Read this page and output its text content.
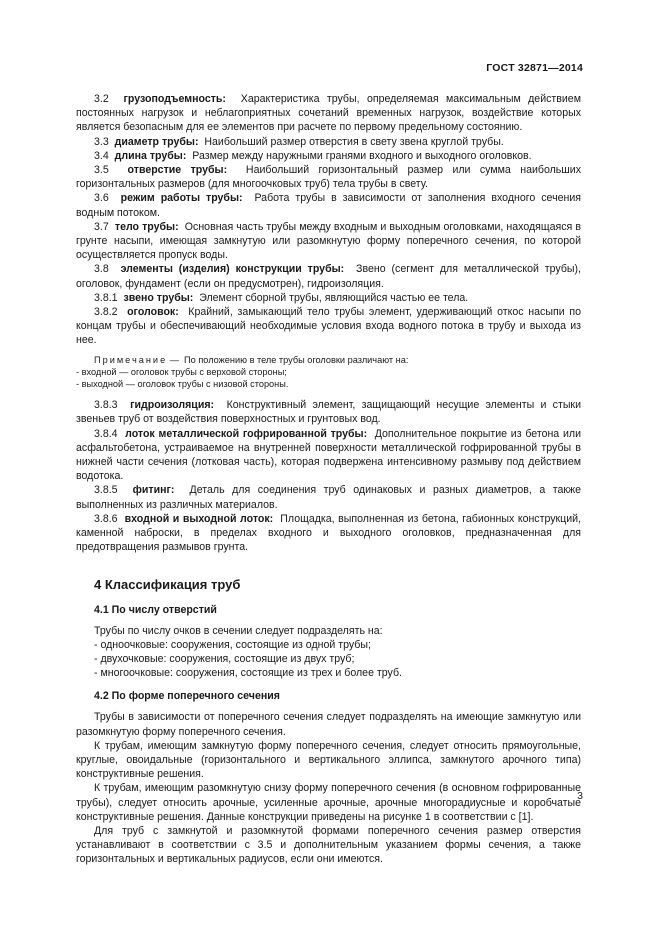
ГОСТ 32871—2014

3.2 грузоподъемность: Характеристика трубы, определяемая максимальным действием постоянных нагрузок и неблагоприятных сочетаний временных нагрузок, воздействие которых является безопасным для ее элементов при расчете по первому предельному состоянию.

3.3 диаметр трубы: Наибольший размер отверстия в свету звена круглой трубы.

3.4 длина трубы: Размер между наружными гранями входного и выходного оголовков.

3.5 отверстие трубы: Наибольший горизонтальный размер или сумма наибольших горизонтальных размеров (для многоочковых труб) тела трубы в свету.

3.6 режим работы трубы: Работа трубы в зависимости от заполнения входного сечения водным потоком.

3.7 тело трубы: Основная часть трубы между входным и выходным оголовками, находящаяся в грунте насыпи, имеющая замкнутую или разомкнутую форму поперечного сечения, по которой осуществляется пропуск воды.

3.8 элементы (изделия) конструкции трубы: Звено (сегмент для металлической трубы), оголовок, фундамент (если он предусмотрен), гидроизоляция.

3.8.1 звено трубы: Элемент сборной трубы, являющийся частью ее тела.

3.8.2 оголовок: Крайний, замыкающий тело трубы элемент, удерживающий откос насыпи по концам трубы и обеспечивающий необходимые условия входа водного потока в трубу и выхода из нее.

Примечание — По положению в теле трубы оголовки различают на:

- входной — оголовок трубы с верховой стороны;

- выходной — оголовок трубы с низовой стороны.

3.8.3 гидроизоляция: Конструктивный элемент, защищающий несущие элементы и стыки звеньев труб от воздействия поверхностных и грунтовых вод.

3.8.4 лоток металлической гофрированной трубы: Дополнительное покрытие из бетона или асфальтобетона, устраиваемое на внутренней поверхности металлической гофрированной трубы в нижней части сечения (лотковая часть), которая подвержена интенсивному размыву под действием водотока.

3.8.5 фитинг: Деталь для соединения труб одинаковых и разных диаметров, а также выполненных из различных материалов.

3.8.6 входной и выходной лоток: Площадка, выполненная из бетона, габионных конструкций, каменной наброски, в пределах входного и выходного оголовков, предназначенная для предотвращения размывов грунта.

4 Классификация труб
4.1 По числу отверстий

Трубы по числу очков в сечении следует подразделять на:

- одноочковые: сооружения, состоящие из одной трубы;

- двухочковые: сооружения, состоящие из двух труб;

- многоочковые: сооружения, состоящие из трех и более труб.

4.2 По форме поперечного сечения

Трубы в зависимости от поперечного сечения следует подразделять на имеющие замкнутую или разомкнутую форму поперечного сечения.

К трубам, имеющим замкнутую форму поперечного сечения, следует относить прямоугольные, круглые, овоидальные (горизонтального и вертикального эллипса, замкнутого арочного типа) конструктивные решения.

К трубам, имеющим разомкнутую снизу форму поперечного сечения (в основном гофрированные трубы), следует относить арочные, усиленные арочные, арочные многорадиусные и коробчатые конструктивные решения. Данные конструкции приведены на рисунке 1 в соответствии с [1].

Для труб с замкнутой и разомкнутой формами поперечного сечения размер отверстия устанавливают в соответствии с 3.5 и дополнительным указанием формы сечения, а также горизонтальных и вертикальных радиусов, если они имеются.

3
